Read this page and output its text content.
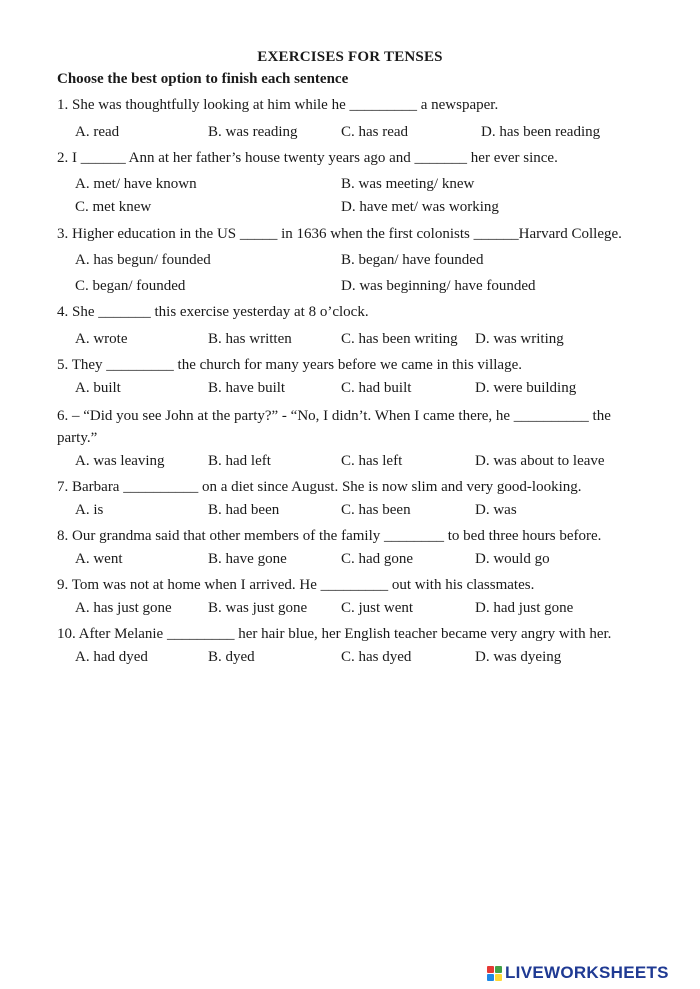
EXERCISES FOR TENSES
Choose the best option to finish each sentence
1. She was thoughtfully looking at him while he _________ a newspaper.
A. read	B. was reading	C. has read	D. has been reading
2. I ______ Ann at her father’s house twenty years ago and _______ her ever since.
A. met/ have known	B. was meeting/ knew
C. met knew	D. have met/ was working
3. Higher education in the US _____ in 1636 when the first colonists ______Harvard College.
A. has begun/ founded	B. began/ have founded
C. began/ founded	D. was beginning/ have founded
4. She _______ this exercise yesterday at 8 o’clock.
A. wrote	B. has written	C. has been writing D. was writing
5. They _________ the church for many years before we came in this village.
A. built	B. have built	C. had built	D. were building
6. – “Did you see John at the party?” - “No, I didn’t. When I came there, he __________ the party.”
A. was leaving	B. had left	C. has left	D. was about to leave
7. Barbara __________ on a diet since August. She is now slim and very good-looking.
A. is	B. had been	C. has been	D. was
8. Our grandma said that other members of the family ________ to bed three hours before.
A. went	B. have gone	C. had gone	D. would go
9. Tom was not at home when I arrived. He _________ out with his classmates.
A. has just gone B. was just gone C. just went	D. had just gone
10. After Melanie _________ her hair blue, her English teacher became very angry with her.
A. had dyed	B. dyed	C. has dyed	D. was dyeing
LIVEWORKSHEETS
